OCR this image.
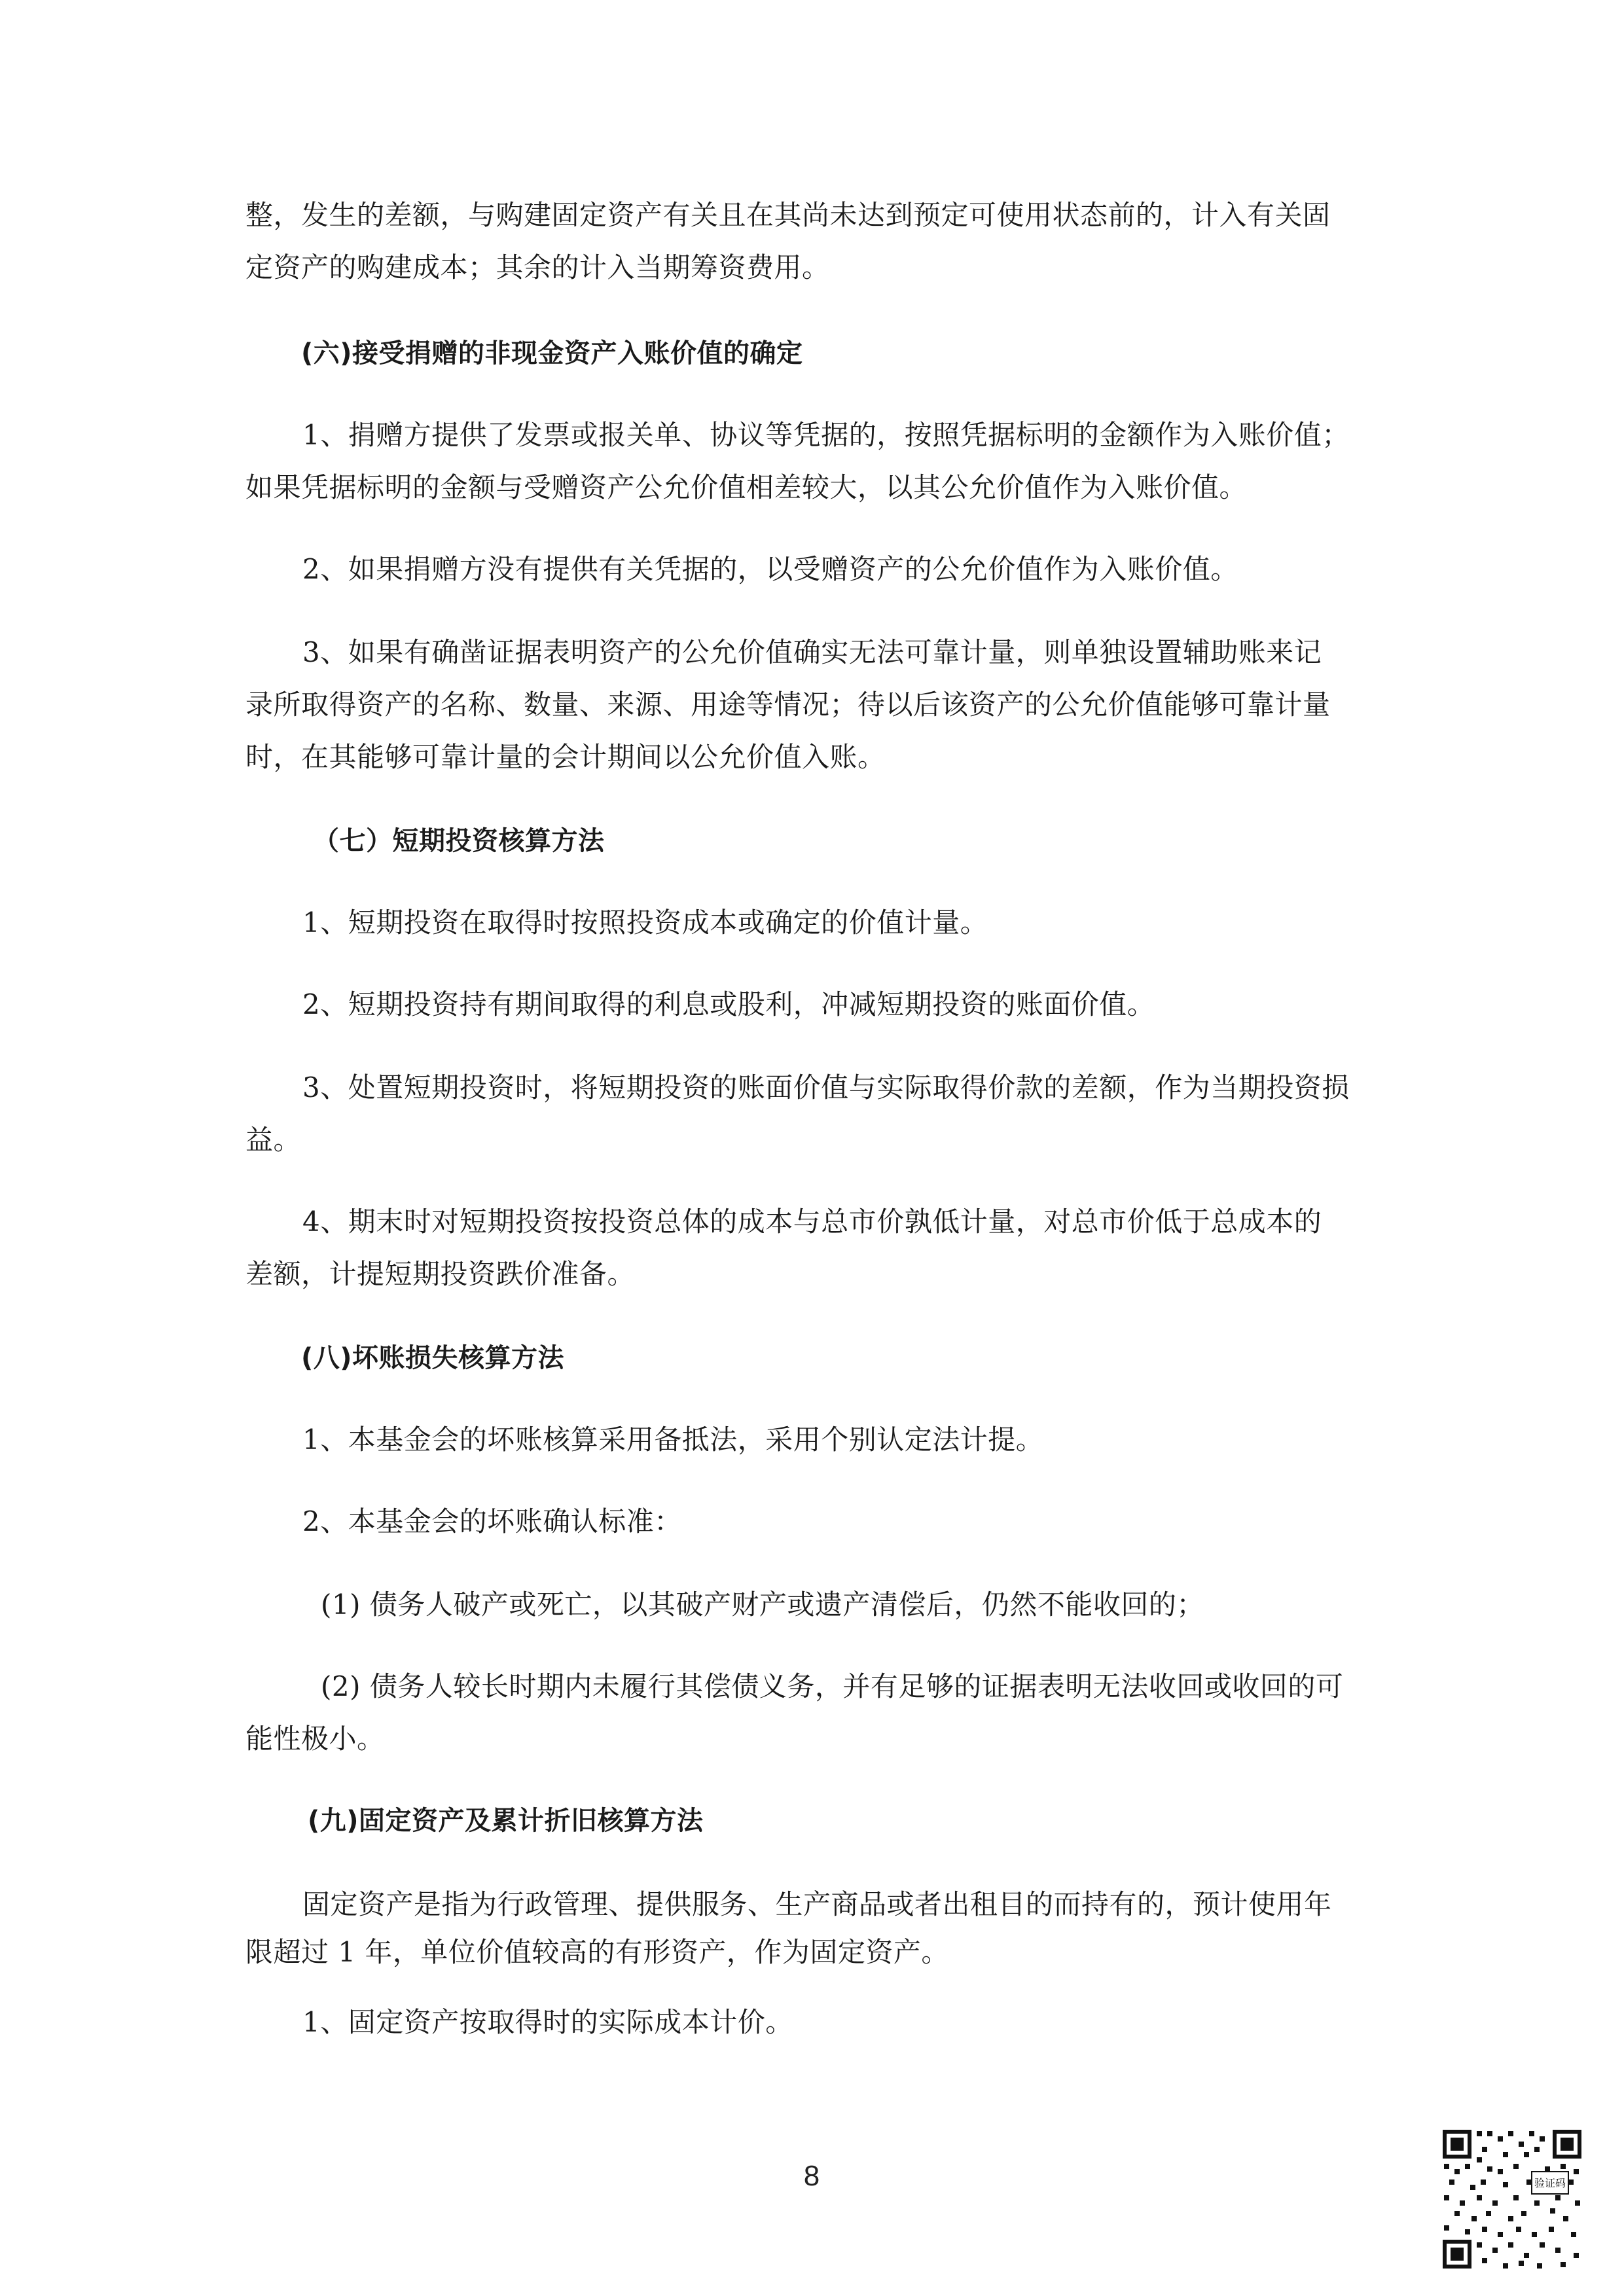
整，发生的差额，与购建固定资产有关且在其尚未达到预定可使用状态前的，计入有关固
定资产的购建成本；其余的计入当期筹资费用。
(六)接受捐赠的非现金资产入账价值的确定
1、捐赠方提供了发票或报关单、协议等凭据的，按照凭据标明的金额作为入账价值；
如果凭据标明的金额与受赠资产公允价值相差较大，以其公允价值作为入账价值。
2、如果捐赠方没有提供有关凭据的，以受赠资产的公允价值作为入账价值。
3、如果有确凿证据表明资产的公允价值确实无法可靠计量，则单独设置辅助账来记
录所取得资产的名称、数量、来源、用途等情况；待以后该资产的公允价值能够可靠计量
时，在其能够可靠计量的会计期间以公允价值入账。
（七）短期投资核算方法
1、短期投资在取得时按照投资成本或确定的价值计量。
2、短期投资持有期间取得的利息或股利，冲减短期投资的账面价值。
3、处置短期投资时，将短期投资的账面价值与实际取得价款的差额，作为当期投资损
益。
4、期末时对短期投资按投资总体的成本与总市价孰低计量，对总市价低于总成本的
差额，计提短期投资跌价准备。
(八)坏账损失核算方法
1、本基金会的坏账核算采用备抵法，采用个别认定法计提。
2、本基金会的坏账确认标准：
(1) 债务人破产或死亡，以其破产财产或遗产清偿后，仍然不能收回的；
(2) 债务人较长时期内未履行其偿债义务，并有足够的证据表明无法收回或收回的可
能性极小。
(九)固定资产及累计折旧核算方法
固定资产是指为行政管理、提供服务、生产商品或者出租目的而持有的，预计使用年
限超过 1 年，单位价值较高的有形资产，作为固定资产。
1、固定资产按取得时的实际成本计价。
8	验证码
